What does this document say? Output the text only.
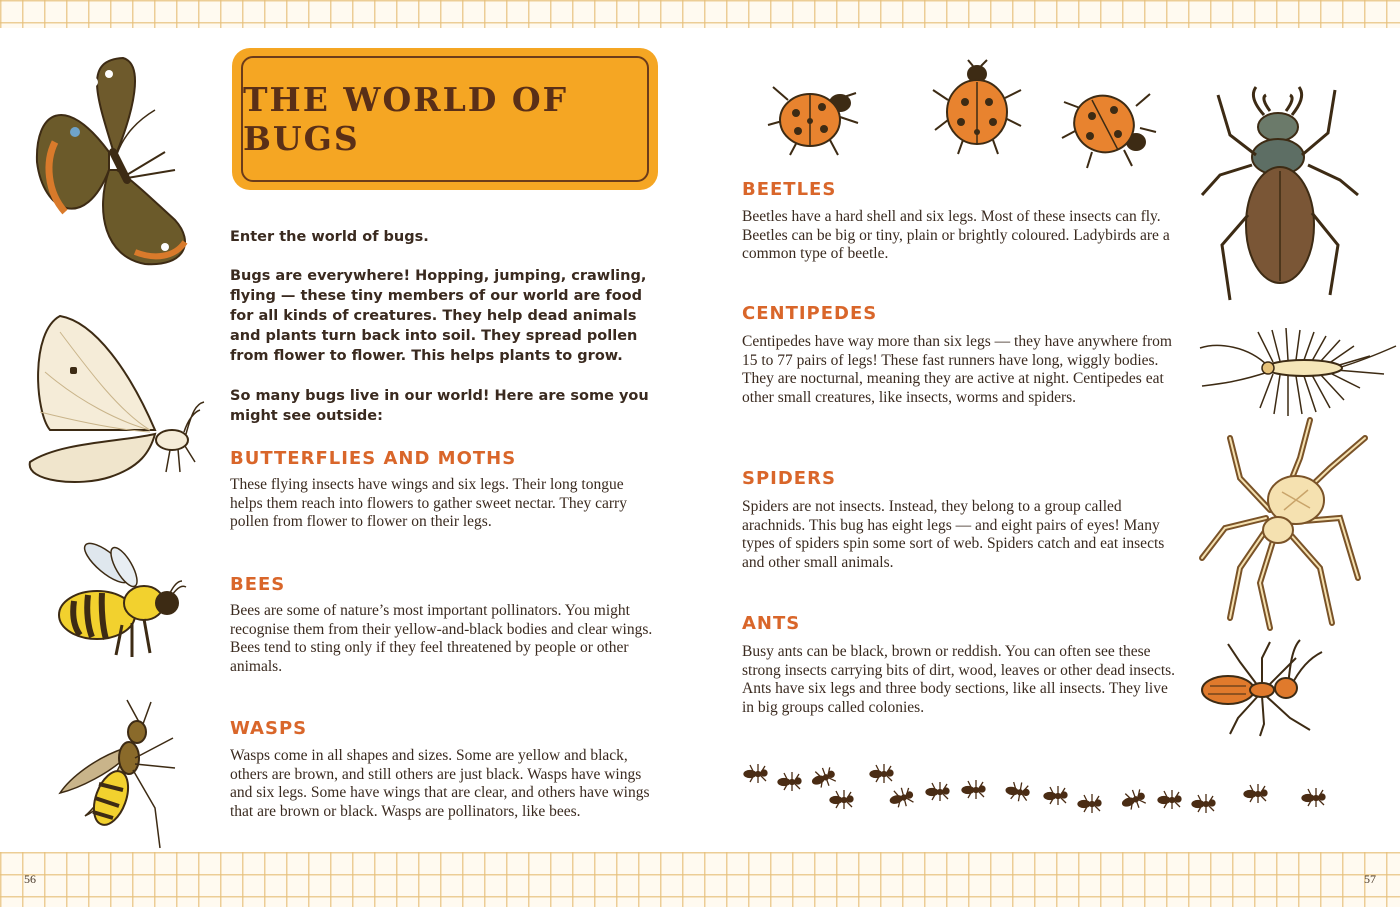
56	57
THE WORLD OF BUGS

Enter the world of bugs.

Bugs are everywhere! Hopping, jumping, crawling, flying — these tiny members of our world are food for all kinds of creatures. They help dead animals and plants turn back into soil. They spread pollen from flower to flower. This helps plants to grow.

So many bugs live in our world! Here are some you might see outside:

BUTTERFLIES AND MOTHS

These flying insects have wings and six legs. Their long tongue helps them reach into flowers to gather sweet nectar. They carry pollen from flower to flower on their legs.

BEES

Bees are some of nature’s most important pollinators. You might recognise them from their yellow-and-black bodies and clear wings. Bees tend to sting only if they feel threatened by people or other animals.

WASPS

Wasps come in all shapes and sizes. Some are yellow and black, others are brown, and still others are just black. Wasps have wings and six legs. Some have wings that are clear, and others have wings that are brown or black. Wasps are pollinators, like bees.

BEETLES

Beetles have a hard shell and six legs. Most of these insects can fly. Beetles can be big or tiny, plain or brightly coloured. Ladybirds are a common type of beetle.

CENTIPEDES

Centipedes have way more than six legs — they have anywhere from 15 to 77 pairs of legs! These fast runners have long, wiggly bodies. They are nocturnal, meaning they are active at night. Centipedes eat other small creatures, like insects, worms and spiders.

SPIDERS

Spiders are not insects. Instead, they belong to a group called arachnids. This bug has eight legs — and eight pairs of eyes! Many types of spiders spin some sort of web. Spiders catch and eat insects and other small animals.

ANTS

Busy ants can be black, brown or reddish. You can often see these strong insects carrying bits of dirt, wood, leaves or other dead insects. Ants have six legs and three body sections, like all insects. They live in big groups called colonies.
